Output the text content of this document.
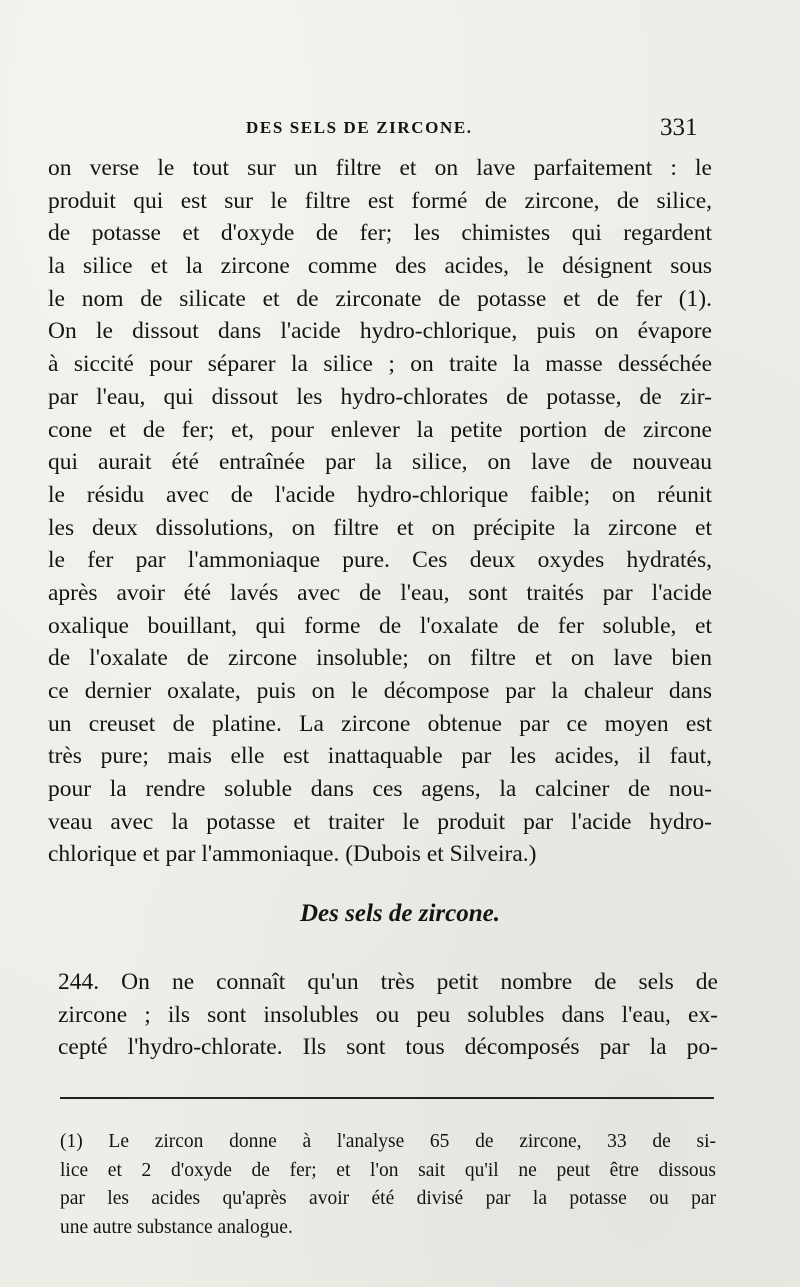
DES SELS DE ZIRCONE.	331
on verse le tout sur un filtre et on lave parfaitement : le
produit qui est sur le filtre est formé de zircone, de silice,
de potasse et d'oxyde de fer; les chimistes qui regardent
la silice et la zircone comme des acides, le désignent sous
le nom de silicate et de zirconate de potasse et de fer (1).
On le dissout dans l'acide hydro-chlorique, puis on évapore
à siccité pour séparer la silice ; on traite la masse desséchée
par l'eau, qui dissout les hydro-chlorates de potasse, de zir-
cone et de fer; et, pour enlever la petite portion de zircone
qui aurait été entraînée par la silice, on lave de nouveau
le résidu avec de l'acide hydro-chlorique faible; on réunit
les deux dissolutions, on filtre et on précipite la zircone et
le fer par l'ammoniaque pure. Ces deux oxydes hydratés,
après avoir été lavés avec de l'eau, sont traités par l'acide
oxalique bouillant, qui forme de l'oxalate de fer soluble, et
de l'oxalate de zircone insoluble; on filtre et on lave bien
ce dernier oxalate, puis on le décompose par la chaleur dans
un creuset de platine. La zircone obtenue par ce moyen est
très pure; mais elle est inattaquable par les acides, il faut,
pour la rendre soluble dans ces agens, la calciner de nou-
veau avec la potasse et traiter le produit par l'acide hydro-
chlorique et par l'ammoniaque. (Dubois et Silveira.)
Des sels de zircone.
244. On ne connaît qu'un très petit nombre de sels de
zircone ; ils sont insolubles ou peu solubles dans l'eau, ex-
cepté l'hydro-chlorate. Ils sont tous décomposés par la po-
(1) Le zircon donne à l'analyse 65 de zircone, 33 de si-
lice et 2 d'oxyde de fer; et l'on sait qu'il ne peut être dissous
par les acides qu'après avoir été divisé par la potasse ou par
une autre substance analogue.
